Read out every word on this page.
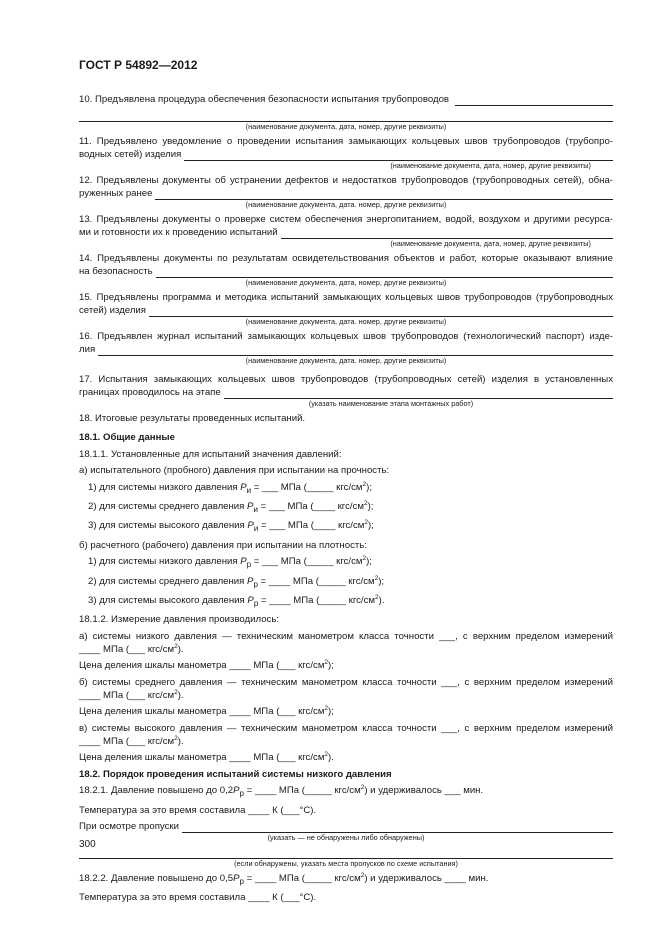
ГОСТ Р 54892—2012
10. Предъявлена процедура обеспечения безопасности испытания трубопроводов

(наименование документа, дата, номер, другие реквизиты)

11. Предъявлено уведомление о проведении испытания замыкающих кольцевых швов трубопроводов (трубопро-

водных сетей) изделия

(наименование документа, дата, номер, другие реквизиты)

12. Предъявлены документы об устранении дефектов и недостатков трубопроводов (трубопроводных сетей), обна-

руженных ранее

(наименование документа, дата. номер, другие реквизиты)

13. Предъявлены документы о проверке систем обеспечения энергопитанием, водой, воздухом и другими ресурса-

ми и готовности их к проведению испытаний

(наименование документа, дата, номер, другие реквизиты)

14. Предъявлены документы по результатам освидетельствования объектов и работ, которые оказывают влияние

на безопасность

(наименование документа, дата, номер, другие реквизиты)

15. Предъявлены программа и методика испытаний замыкающих кольцевых швов трубопроводов (трубопроводных

сетей) изделия

(наименование документа, дата. номер, другие реквизиты)

16. Предъявлен журнал испытаний замыкающих кольцевых швов трубопроводов (технологический паспорт) изде-

лия

(наименование документа, дата. номер, другие реквизиты)

17. Испытания замыкающих кольцевых швов трубопроводов (трубопроводных сетей) изделия в установленных

границах проводилось на этапе

(указать наименование этапа монтажных работ)

18. Итоговые результаты проведенных испытаний.

18.1. Общие данные

18.1.1. Установленные для испытаний значения давлений:

а) испытательного (пробного) давления при испытании на прочность:

1) для системы низкого давления $P_и$ = ___ МПа (_____ кгс/$см^2$);

2) для системы среднего давления $P_и$ = ___ МПа (____ кгс/$см^2$);

3) для системы высокого давления $P_и$ = ___ МПа (____ кгс/$см^2$);

б) расчетного (рабочего) давления при испытании на плотность:

1) для системы низкого давления $P_р$ = ___ МПа (_____ кгс/$см^2$);

2) для системы среднего давления $P_р$ = ____ МПа (_____ кгс/$см^2$);

3) для системы высокого давления $P_р$ = ____ МПа (_____ кгс/$см^2$).

18.1.2. Измерение давления производилось:

а) системы низкого давления — техническим манометром класса точности ___, с верхним пределом измерений

____ МПа (___ кгс/$см^2$).

Цена деления шкалы манометра ____ МПа (___ кгс/$см^2$);

б) системы среднего давления — техническим манометром класса точности ___, с верхним пределом измерений

____ МПа (___ кгс/$см^2$).

Цена деления шкалы манометра ____ МПа (___ кгс/$см^2$);

в) системы высокого давления — техническим манометром класса точности ___, с верхним пределом измерений

____ МПа (___ кгс/$см^2$).

Цена деления шкалы манометра ____ МПа (___ кгс/$см^2$).

18.2. Порядок проведения испытаний системы низкого давления

18.2.1. Давление повышено до $0,2P_р$ = ____ МПа (_____ кгс/$см^2$) и удерживалось ___ мин.

Температура за это время составила ____ К (___°С).

При осмотре пропуски

(указать — не обнаружены либо обнаружены)

(если обнаружены, указать места пропусков по схеме испытания)

18.2.2. Давление повышено до $0,5P_р$ = ____ МПа (_____ кгс/$см^2$) и удерживалось ____ мин.

Температура за это время составила ____ К (___°С).

300
